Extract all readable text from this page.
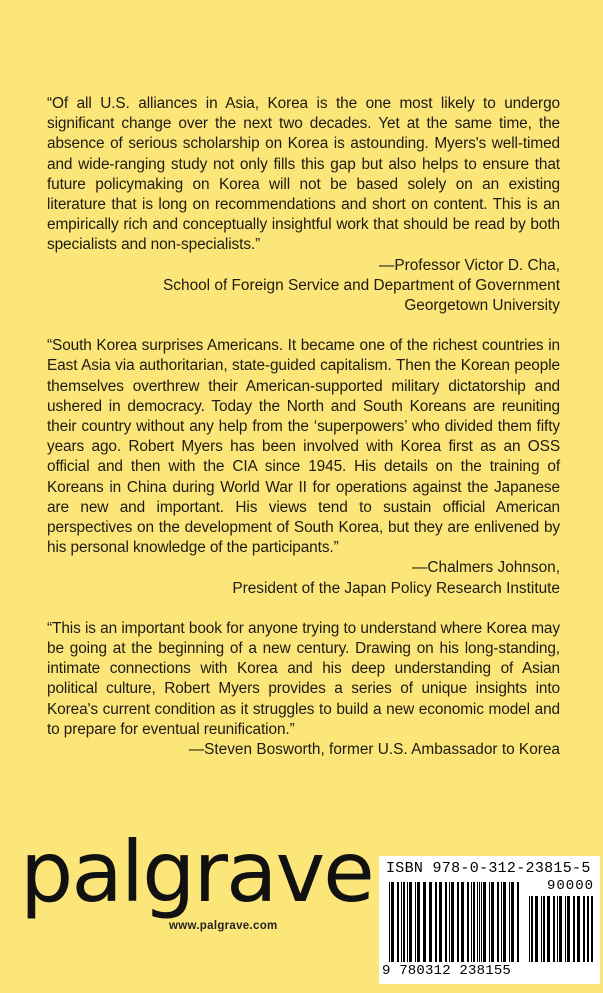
“Of all U.S. alliances in Asia, Korea is the one most likely to undergo significant change over the next two decades. Yet at the same time, the absence of serious scholarship on Korea is astounding. Myers's well-timed and wide-ranging study not only fills this gap but also helps to ensure that future policymaking on Korea will not be based solely on an existing literature that is long on recommendations and short on content. This is an empirically rich and conceptually insightful work that should be read by both specialists and non-specialists.”

—Professor Victor D. Cha,
School of Foreign Service and Department of Government
Georgetown University

“South Korea surprises Americans. It became one of the richest countries in East Asia via authoritarian, state-guided capitalism. Then the Korean people themselves overthrew their American-supported military dictatorship and ushered in democracy. Today the North and South Koreans are reuniting their country without any help from the ‘superpowers’ who divided them fifty years ago. Robert Myers has been involved with Korea first as an OSS official and then with the CIA since 1945. His details on the training of Koreans in China during World War II for operations against the Japanese are new and important. His views tend to sustain official American perspectives on the development of South Korea, but they are enlivened by his personal knowledge of the participants.”

—Chalmers Johnson,
President of the Japan Policy Research Institute

“This is an important book for anyone trying to understand where Korea may be going at the beginning of a new century. Drawing on his long-standing, intimate connections with Korea and his deep understanding of Asian political culture, Robert Myers provides a series of unique insights into Korea's current condition as it struggles to build a new economic model and to prepare for eventual reunification.”

—Steven Bosworth, former U.S. Ambassador to Korea
palgrave
www.palgrave.com
ISBN 978-0-312-23815-5
90000
9 780312 238155
